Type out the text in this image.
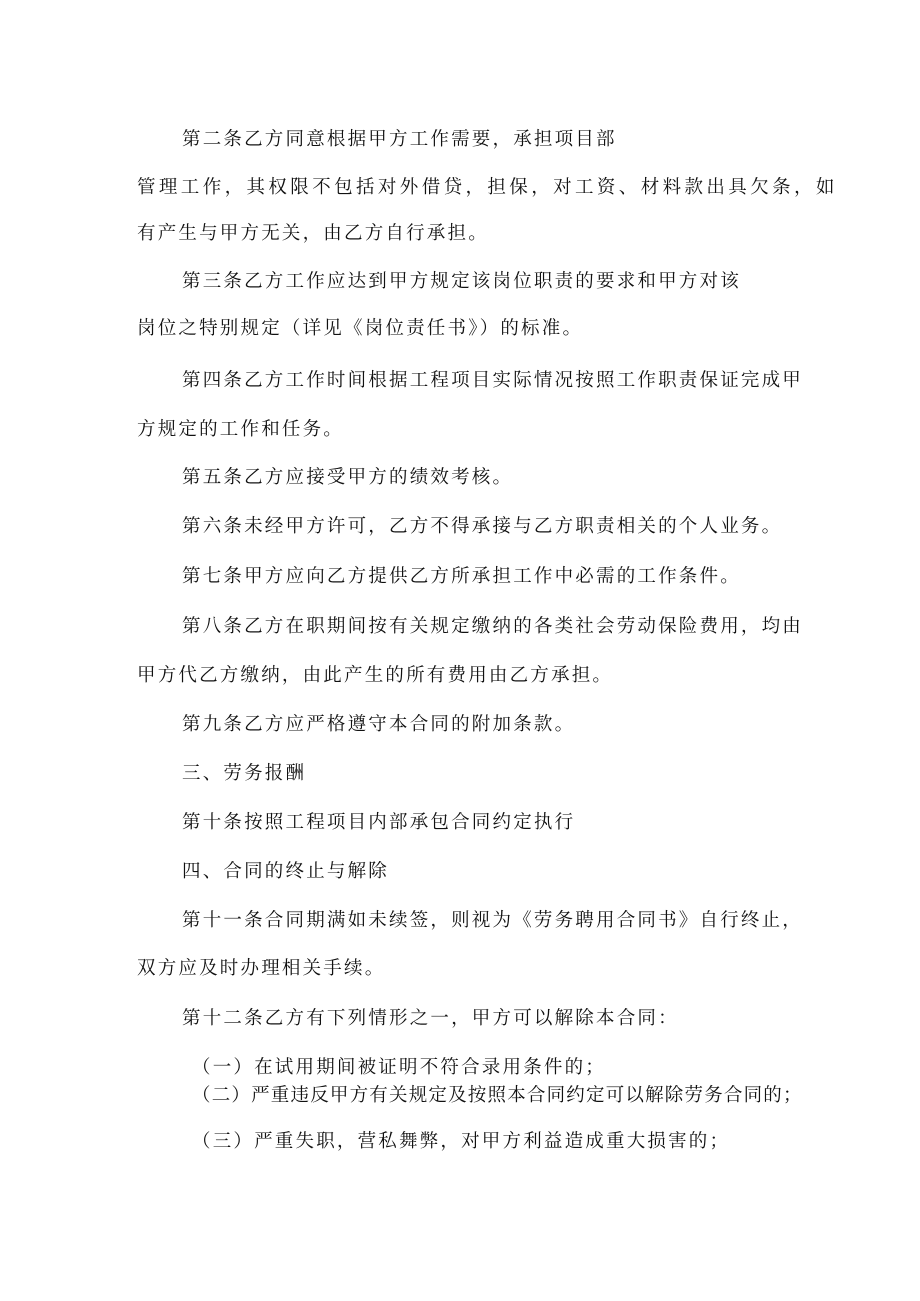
第二条乙方同意根据甲方工作需要，承担项目部
管理工作，其权限不包括对外借贷，担保，对工资、材料款出具欠条，如
有产生与甲方无关，由乙方自行承担。
第三条乙方工作应达到甲方规定该岗位职责的要求和甲方对该
岗位之特别规定（详见《岗位责任书》）的标准。
第四条乙方工作时间根据工程项目实际情况按照工作职责保证完成甲
方规定的工作和任务。
第五条乙方应接受甲方的绩效考核。
第六条未经甲方许可，乙方不得承接与乙方职责相关的个人业务。
第七条甲方应向乙方提供乙方所承担工作中必需的工作条件。
第八条乙方在职期间按有关规定缴纳的各类社会劳动保险费用，均由
甲方代乙方缴纳，由此产生的所有费用由乙方承担。
第九条乙方应严格遵守本合同的附加条款。
三、劳务报酬
第十条按照工程项目内部承包合同约定执行
四、合同的终止与解除
第十一条合同期满如未续签，则视为《劳务聘用合同书》自行终止，
双方应及时办理相关手续。
第十二条乙方有下列情形之一，甲方可以解除本合同：
（一）在试用期间被证明不符合录用条件的；
（二）严重违反甲方有关规定及按照本合同约定可以解除劳务合同的；
（三）严重失职，营私舞弊，对甲方利益造成重大损害的；
